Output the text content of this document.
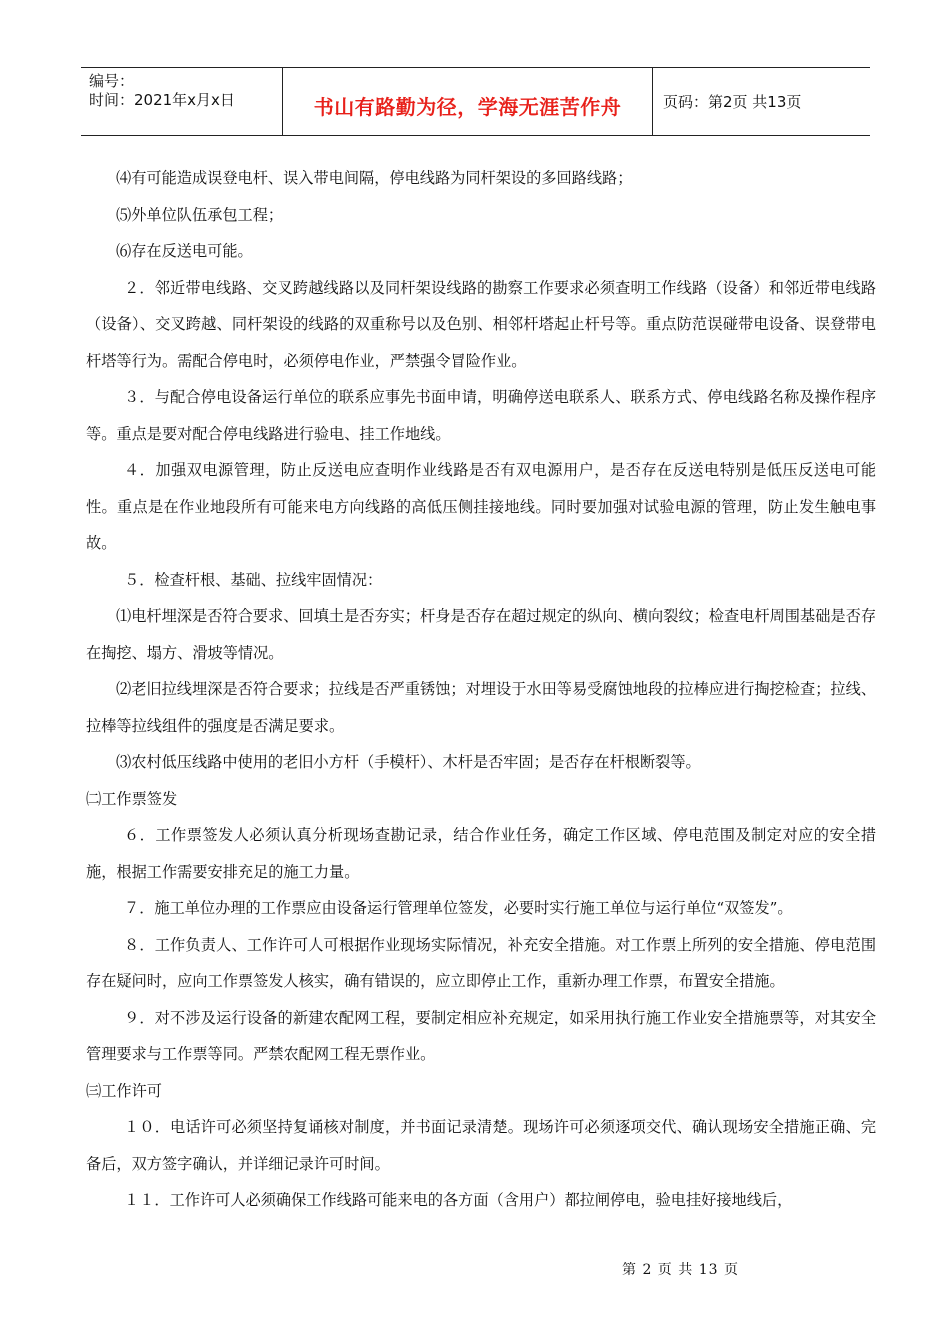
编号：
时间：2021年x月x日	书山有路勤为径，学海无涯苦作舟	页码：第2页 共13页

⑷有可能造成误登电杆、误入带电间隔，停电线路为同杆架设的多回路线路；

⑸外单位队伍承包工程；

⑹存在反送电可能。

２．邻近带电线路、交叉跨越线路以及同杆架设线路的勘察工作要求必须查明工作线路（设备）和邻近带电线路（设备）、交叉跨越、同杆架设的线路的双重称号以及色别、相邻杆塔起止杆号等。重点防范误碰带电设备、误登带电杆塔等行为。需配合停电时，必须停电作业，严禁强令冒险作业。

３．与配合停电设备运行单位的联系应事先书面申请，明确停送电联系人、联系方式、停电线路名称及操作程序等。重点是要对配合停电线路进行验电、挂工作地线。

４．加强双电源管理，防止反送电应查明作业线路是否有双电源用户，是否存在反送电特别是低压反送电可能性。重点是在作业地段所有可能来电方向线路的高低压侧挂接地线。同时要加强对试验电源的管理，防止发生触电事故。

５．检查杆根、基础、拉线牢固情况：

⑴电杆埋深是否符合要求、回填土是否夯实；杆身是否存在超过规定的纵向、横向裂纹；检查电杆周围基础是否存在掏挖、塌方、滑坡等情况。

⑵老旧拉线埋深是否符合要求；拉线是否严重锈蚀；对埋设于水田等易受腐蚀地段的拉棒应进行掏挖检查；拉线、拉棒等拉线组件的强度是否满足要求。

⑶农村低压线路中使用的老旧小方杆（手模杆）、木杆是否牢固；是否存在杆根断裂等。

㈡工作票签发

６．工作票签发人必须认真分析现场查勘记录，结合作业任务，确定工作区域、停电范围及制定对应的安全措施，根据工作需要安排充足的施工力量。

７．施工单位办理的工作票应由设备运行管理单位签发，必要时实行施工单位与运行单位“双签发”。

８．工作负责人、工作许可人可根据作业现场实际情况，补充安全措施。对工作票上所列的安全措施、停电范围存在疑问时，应向工作票签发人核实，确有错误的，应立即停止工作，重新办理工作票，布置安全措施。

９．对不涉及运行设备的新建农配网工程，要制定相应补充规定，如采用执行施工作业安全措施票等，对其安全管理要求与工作票等同。严禁农配网工程无票作业。

㈢工作许可

１０．电话许可必须坚持复诵核对制度，并书面记录清楚。现场许可必须逐项交代、确认现场安全措施正确、完备后，双方签字确认，并详细记录许可时间。

１１．工作许可人必须确保工作线路可能来电的各方面（含用户）都拉闸停电，验电挂好接地线后，

第 2 页 共 13 页
